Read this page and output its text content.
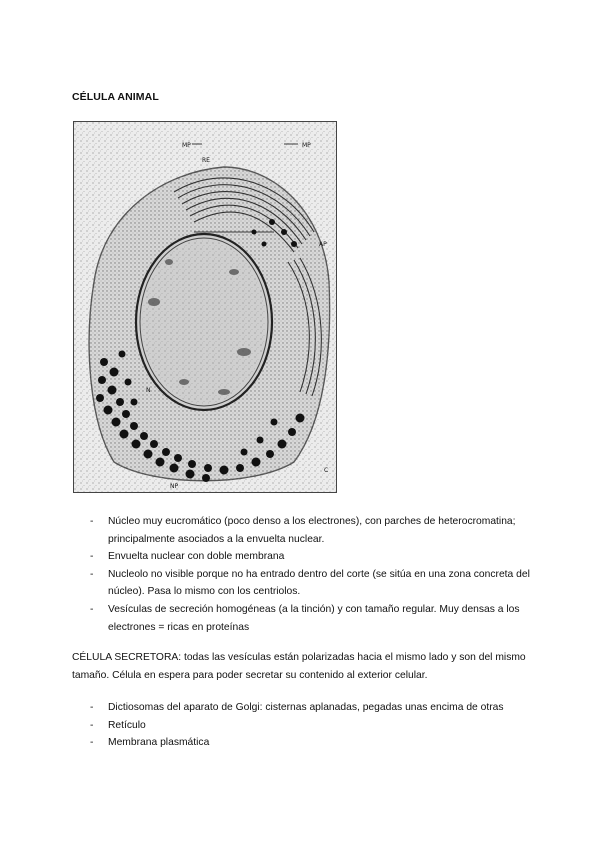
CÉLULA ANIMAL
MP	MP
RE
AP
NP
N
C
- Núcleo muy eucromático (poco denso a los electrones), con parches de heterocromatina; principalmente asociados a la envuelta nuclear.
- Envuelta nuclear con doble membrana
- Nucleolo no visible porque no ha entrado dentro del corte (se sitúa en una zona concreta del núcleo). Pasa lo mismo con los centriolos.
- Vesículas de secreción homogéneas (a la tinción) y con tamaño regular. Muy densas a los electrones = ricas en proteínas

CÉLULA SECRETORA: todas las vesículas están polarizadas hacia el mismo lado y son del mismo tamaño. Célula en espera para poder secretar su contenido al exterior celular.

- Dictiosomas del aparato de Golgi: cisternas aplanadas, pegadas unas encima de otras
- Retículo
- Membrana plasmática
